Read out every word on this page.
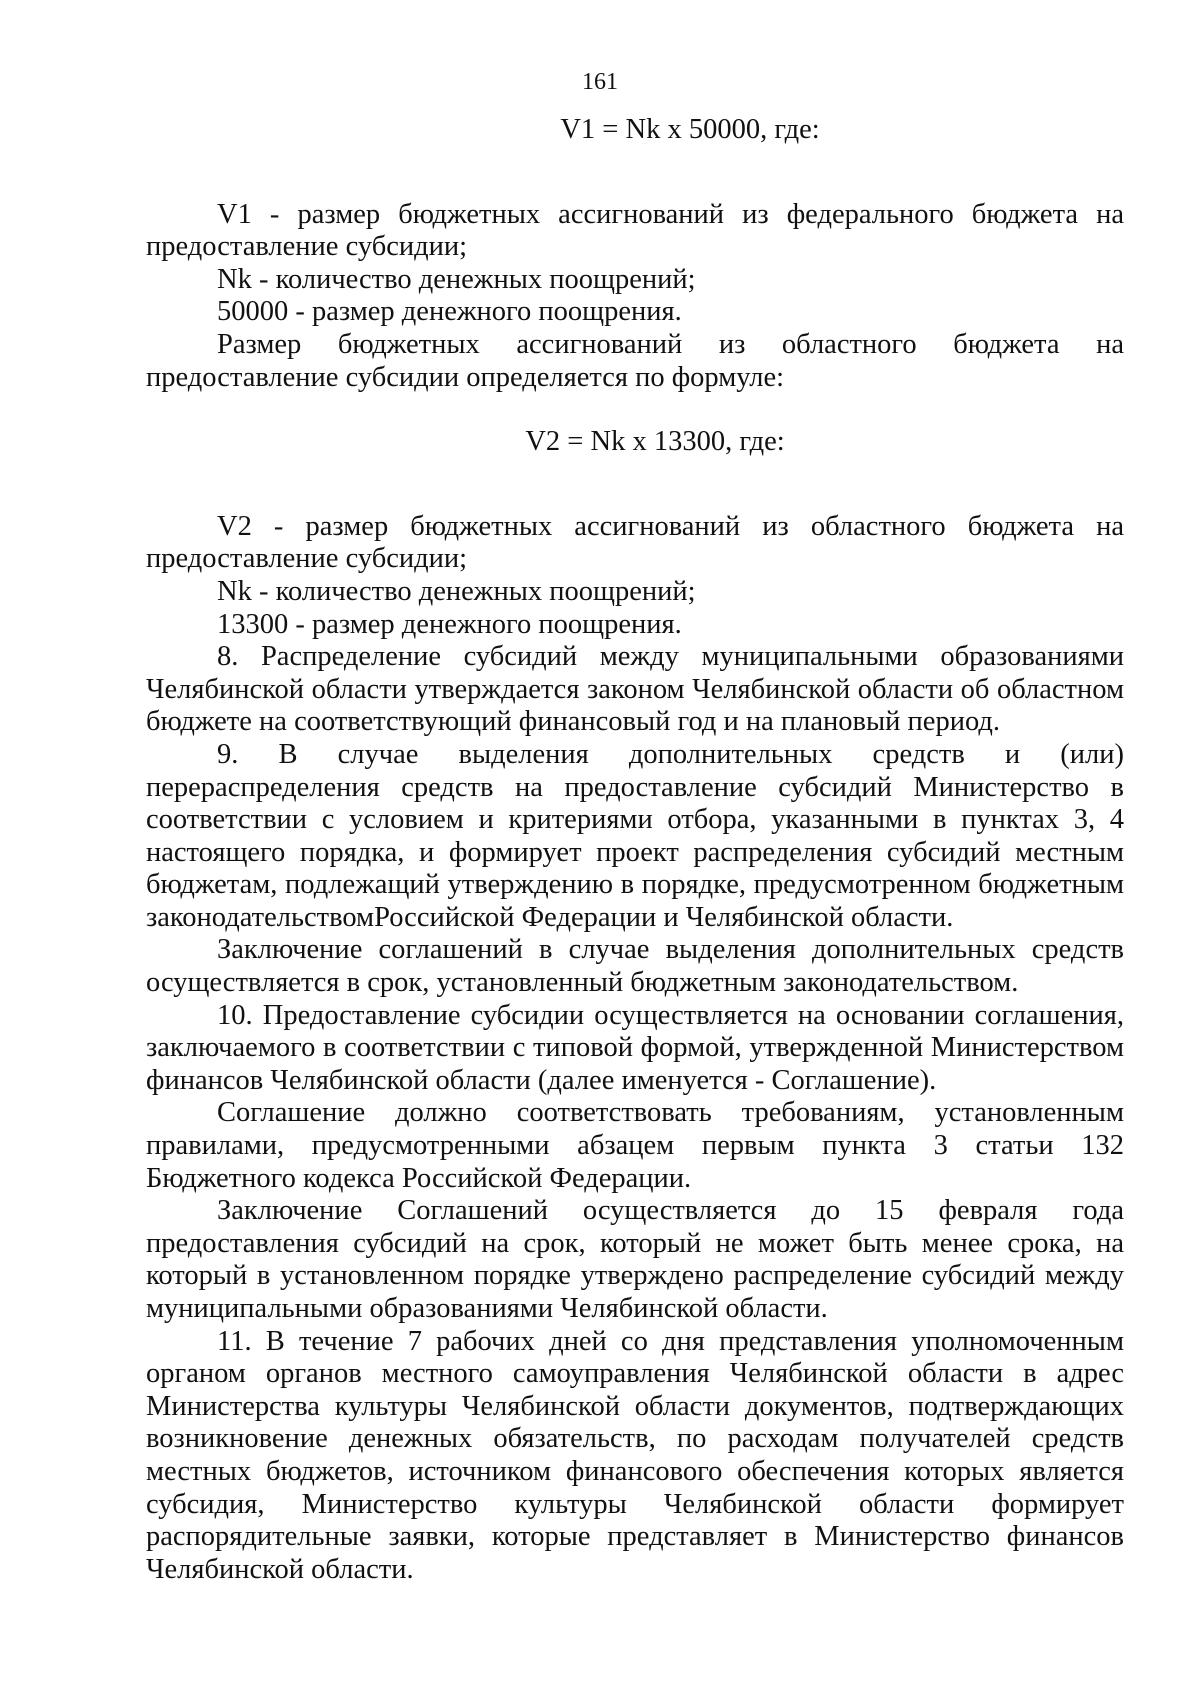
161

V1 = Nk x 50000, где:

V1 - размер бюджетных ассигнований из федерального бюджета на предоставление субсидии;

Nk - количество денежных поощрений;

50000 - размер денежного поощрения.

Размер бюджетных ассигнований из областного бюджета на предоставление субсидии определяется по формуле:

V2 = Nk x 13300, где:

V2 - размер бюджетных ассигнований из областного бюджета на предоставление субсидии;

Nk - количество денежных поощрений;

13300 - размер денежного поощрения.

8. Распределение субсидий между муниципальными образованиями Челябинской области утверждается законом Челябинской области об областном бюджете на соответствующий финансовый год и на плановый период.

9. В случае выделения дополнительных средств и (или) перераспределения средств на предоставление субсидий Министерство в соответствии с условием и критериями отбора, указанными в пунктах 3, 4 настоящего порядка, и формирует проект распределения субсидий местным бюджетам, подлежащий утверждению в порядке, предусмотренном бюджетным законодательствомРоссийской Федерации и Челябинской области.

Заключение соглашений в случае выделения дополнительных средств осуществляется в срок, установленный бюджетным законодательством.

10. Предоставление субсидии осуществляется на основании соглашения, заключаемого в соответствии с типовой формой, утвержденной Министерством финансов Челябинской области (далее именуется - Соглашение).

Соглашение должно соответствовать требованиям, установленным правилами, предусмотренными абзацем первым пункта 3 статьи 132 Бюджетного кодекса Российской Федерации.

Заключение Соглашений осуществляется до 15 февраля года предоставления субсидий на срок, который не может быть менее срока, на который в установленном порядке утверждено распределение субсидий между муниципальными образованиями Челябинской области.

11. В течение 7 рабочих дней со дня представления уполномоченным органом органов местного самоуправления Челябинской области в адрес Министерства культуры Челябинской области документов, подтверждающих возникновение денежных обязательств, по расходам получателей средств местных бюджетов, источником финансового обеспечения которых является субсидия, Министерство культуры Челябинской области формирует распорядительные заявки, которые представляет в Министерство финансов Челябинской области.
